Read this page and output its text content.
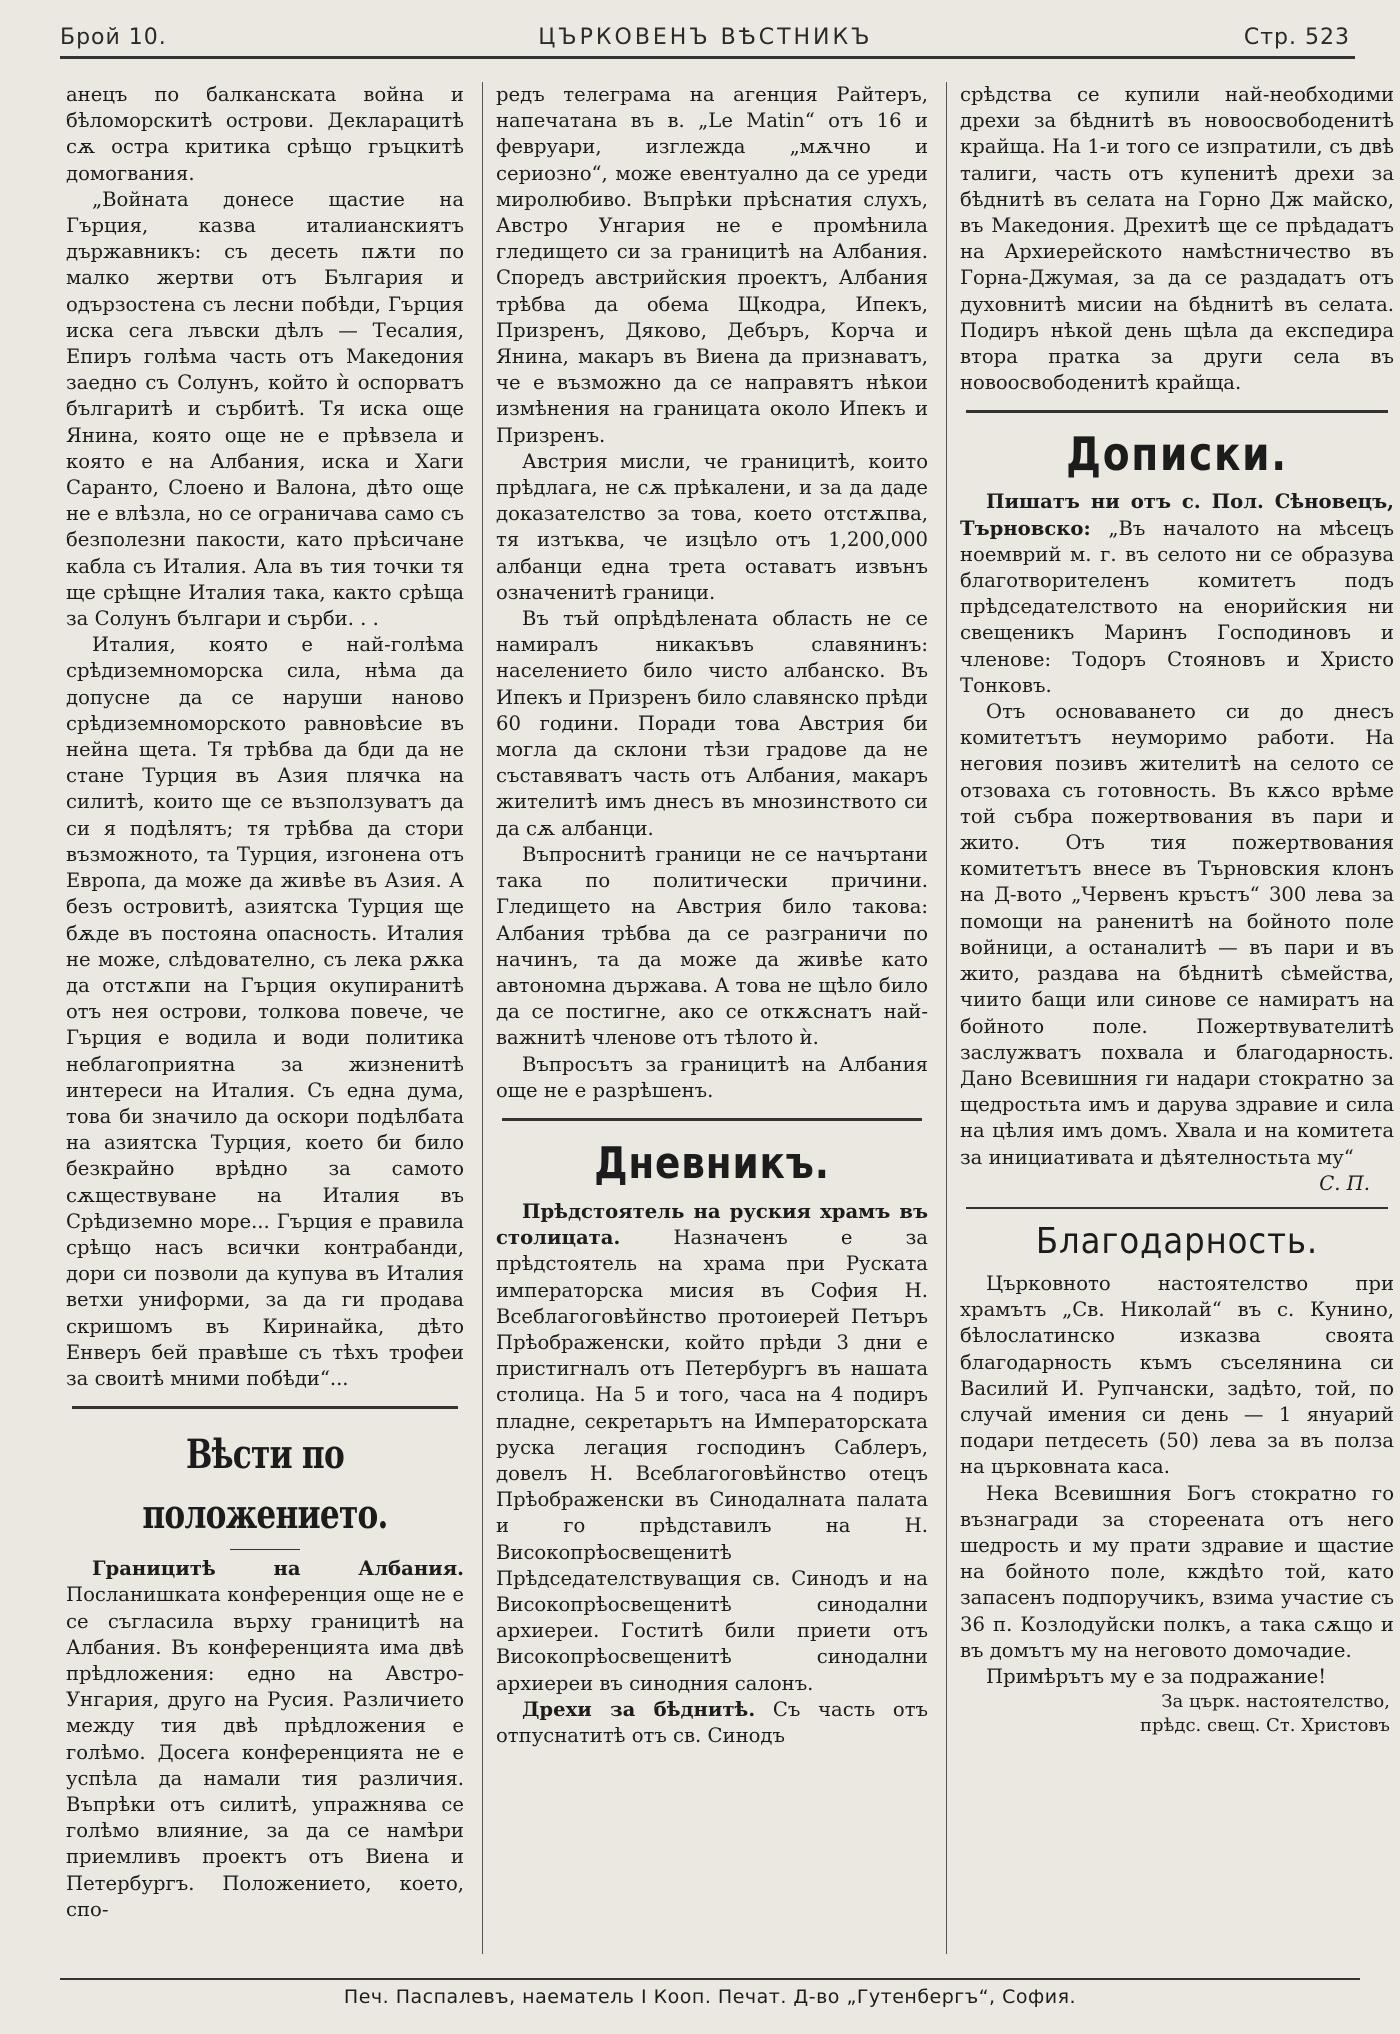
Брой 10.	ЦЪРКОВЕНЪ ВѢСТНИКЪ	Стр. 523

анецъ по балканската война и бѣломорскитѣ острови. Декларацитѣ сѫ остра критика срѣщо гръцкитѣ домогвания.

„Войната донесе щастие на Гърция, казва италианскиятъ държавникъ: съ десеть пѫти по малко жертви отъ България и одързостена съ лесни побѣди, Гърция иска сега лъвски дѣлъ — Тесалия, Епиръ голѣма часть отъ Македония заедно съ Солунъ, който ѝ оспорватъ българитѣ и сърбитѣ. Тя иска още Янина, която още не е прѣвзела и която е на Албания, иска и Хаги Саранто, Слоено и Валона, дѣто още не е влѣзла, но се ограничава само съ безполезни пакости, като прѣсичане кабла съ Италия. Ала въ тия точки тя ще срѣщне Италия така, както срѣща за Солунъ българи и сърби. . .

Италия, която е най-голѣма срѣдиземноморска сила, нѣма да допусне да се наруши наново срѣдиземноморското равновѣсие въ нейна щета. Тя трѣбва да бди да не стане Турция въ Азия плячка на силитѣ, които ще се възползуватъ да си я подѣлятъ; тя трѣбва да стори възможното, та Турция, изгонена отъ Европа, да може да живѣе въ Азия. А безъ островитѣ, азиятска Турция ще бѫде въ постояна опасность. Италия не може, слѣдователно, съ лека рѫка да отстѫпи на Гърция окупиранитѣ отъ нея острови, толкова повече, че Гърция е водила и води политика неблагоприятна за жизненитѣ интереси на Италия. Съ една дума, това би значило да оскори подѣлбата на азиятска Турция, което би било безкрайно врѣдно за самото сѫществуване на Италия въ Срѣдиземно море... Гърция е правила срѣщо насъ всички контрабанди, дори си позволи да купува въ Италия ветхи униформи, за да ги продава скришомъ въ Киринайка, дѣто Енверъ бей правѣше съ тѣхъ трофеи за своитѣ мними побѣди“...

Вѣсти по положението.

Границитѣ на Албания. Посланишката конференция още не е се съгласила върху границитѣ на Албания. Въ конференцията има двѣ прѣдложения: едно на Австро-Унгария, друго на Русия. Различието между тия двѣ прѣдложения е голѣмо. Досега конференцията не е успѣла да намали тия различия. Въпрѣки отъ силитѣ, упражнява се голѣмо влияние, за да се намѣри приемливъ проектъ отъ Виена и Петербургъ. Положението, което, спо-

редъ телеграма на агенция Райтеръ, напечатана въ в. „Le Matin“ отъ 16 и февруари, изглежда „мѫчно и сериозно“, може евентуално да се уреди миролюбиво. Въпрѣки прѣснатия слухъ, Австро Унгария не е промѣнила гледището си за границитѣ на Албания. Споредъ австрийския проектъ, Албания трѣбва да обема Щкодра, Ипекъ, Призренъ, Дяково, Дебъръ, Корча и Янина, макаръ въ Виена да признаватъ, че е възможно да се направятъ нѣкои измѣнения на границата около Ипекъ и Призренъ.

Австрия мисли, че границитѣ, които прѣдлага, не сѫ прѣкалени, и за да даде доказателство за това, което отстѫпва, тя изтъква, че изцѣло отъ 1,200,000 албанци една трета оставатъ извънъ означенитѣ граници.

Въ тъй опрѣдѣлената область не се намиралъ никакъвъ славянинъ: населението било чисто албанско. Въ Ипекъ и Призренъ било славянско прѣди 60 години. Поради това Австрия би могла да склони тѣзи градове да не съставяватъ часть отъ Албания, макаръ жителитѣ имъ днесъ въ мнозинството си да сѫ албанци.

Въпроснитѣ граници не се начъртани така по политически причини. Гледището на Австрия било такова: Албания трѣбва да се разграничи по начинъ, та да може да живѣе като автономна държава. А това не щѣло било да се постигне, ако се откѫснатъ най-важнитѣ членове отъ тѣлото ѝ.

Въпросътъ за границитѣ на Албания още не е разрѣшенъ.

Дневникъ.

Прѣдстоятель на руския храмъ въ столицата.	Назначенъ е за прѣдстоятель на храма при Руската императорска мисия въ София Н. Всеблагоговѣйнство протоиерей Петъръ Прѣображенски, който прѣди 3 дни е пристигналъ отъ Петербургъ въ нашата столица. На 5 и того, часа на 4 подиръ пладне, секретарьтъ на Императорската руска легация господинъ Саблеръ, довелъ Н. Всеблагоговѣйнство отецъ Прѣображенски въ Синодалната палата и го прѣдставилъ на Н. Високопрѣосвещенитѣ Прѣдседателствуващия св. Синодъ и на Високопрѣосвещенитѣ синодални архиереи. Гоститѣ били приети отъ Високопрѣосвещенитѣ синодални архиереи въ синодния салонъ.

Дрехи за бѣднитѣ. Съ часть отъ отпуснатитѣ отъ св. Синодъ

срѣдства се купили най-необходими дрехи за бѣднитѣ въ новоосвободенитѣ крайща. На 1-и того се изпратили, съ двѣ талиги, часть отъ купенитѣ дрехи за бѣднитѣ въ селата на Горно Дж майско, въ Македония. Дрехитѣ ще се прѣдадатъ на Архиерейското намѣстничество въ Горна-Джумая, за да се раздадатъ отъ духовнитѣ мисии на бѣднитѣ въ селата. Подиръ нѣкой день щѣла да експедира втора пратка за други села въ новоосвободенитѣ крайща.

Дописки.

Пишатъ ни отъ с. Пол. Сѣновецъ, Търновско: „Въ началото на мѣсецъ ноемврий м. г. въ селото ни се образува благотворителенъ комитетъ подъ прѣдседателството на енорийския ни свещеникъ Маринъ Господиновъ и членове: Тодоръ Стояновъ и Христо Тонковъ.

Отъ основаването си до днесъ комитетътъ неуморимо работи. На неговия позивъ жителитѣ на селото се отзоваха съ готовность. Въ кѫсо врѣме той събра пожертвования въ пари и жито. Отъ тия пожертвования комитетътъ внесе въ Търновския клонъ на Д-вото „Червенъ кръстъ“ 300 лева за помощи на раненитѣ на бойното поле войници, а останалитѣ — въ пари и въ жито, раздава на бѣднитѣ сѣмейства, чиито бащи или синове се намиратъ на бойното поле. Пожертвувателитѣ заслужватъ похвала и благодарность. Дано Всевишния ги надари стократно за щедростьта имъ и дарува здравие и сила на цѣлия имъ домъ. Хвала и на комитета за инициативата и дѣятелностьта му“

С. П.

Благодарность.

Църковното настоятелство при храмътъ „Св. Николай“ въ с. Кунино, бѣлослатинско изказва своята благодарность къмъ съселянина си Василий И. Рупчански, задѣто, той, по случай имения си день — 1 януарий подари петдесеть (50) лева за въ полза на църковната каса.

Нека Всевишния Богъ стократно го възнагради за стореената отъ него шедрость и му прати здравие и щастие на бойното поле, кждѣто той, като запасенъ подпоручикъ, взима участие съ 36 п. Козлодуйски полкъ, а така сѫщо и въ домътъ му на неговото домочадие.

Примѣрътъ му е за подражание!

За църк. настоятелство,

прѣдс. свещ. Ст. Христовъ

Печ. Паспалевъ, наематель I Кооп. Печат. Д-во „Гутенбергъ“, София.
